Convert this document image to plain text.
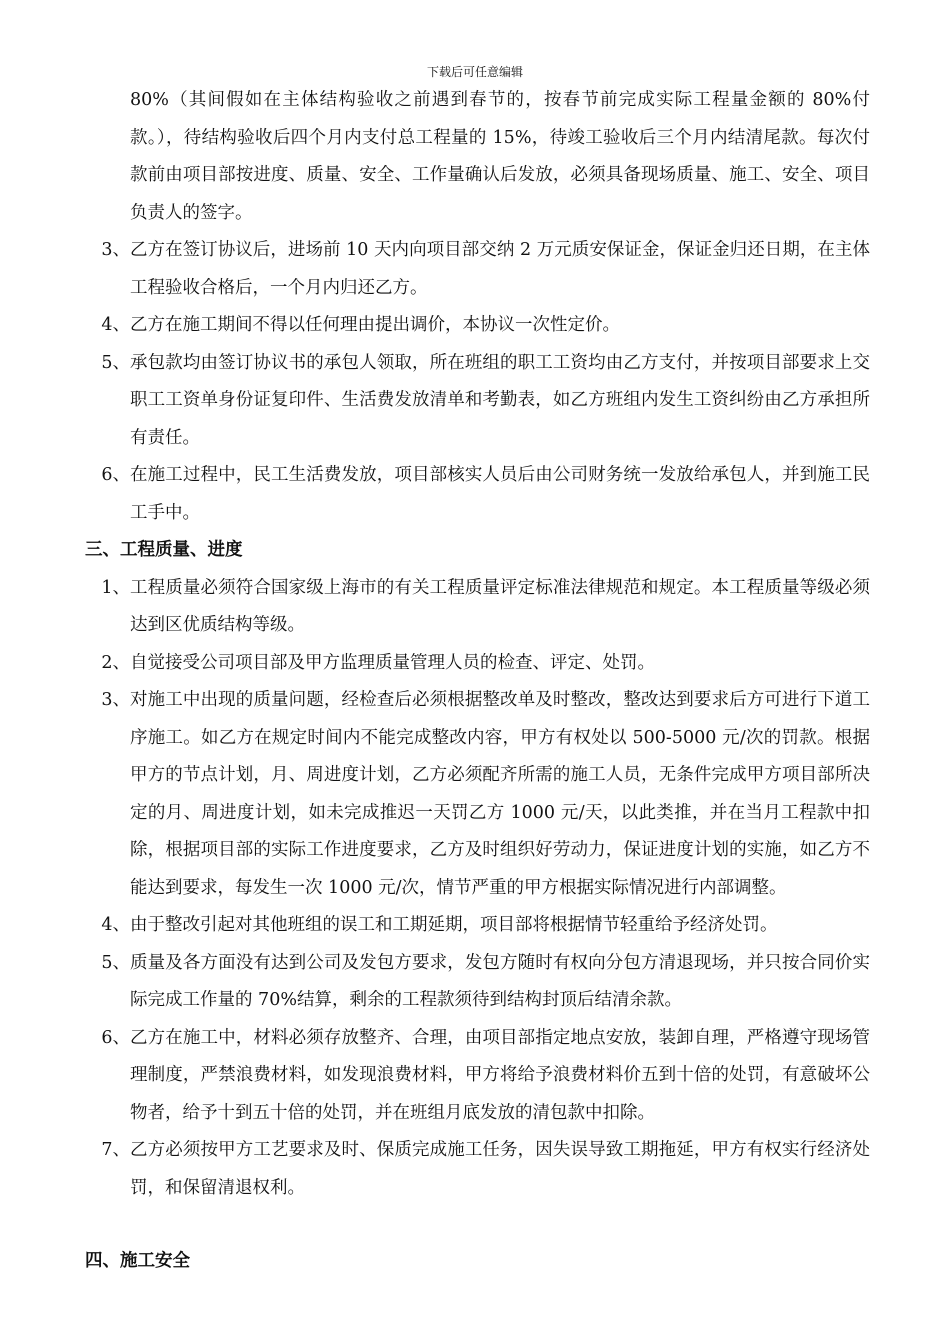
下载后可任意编辑

80%（其间假如在主体结构验收之前遇到春节的，按春节前完成实际工程量金额的 80%付款。），待结构验收后四个月内支付总工程量的 15%，待竣工验收后三个月内结清尾款。每次付款前由项目部按进度、质量、安全、工作量确认后发放，必须具备现场质量、施工、安全、项目负责人的签字。

3、 乙方在签订协议后，进场前 10 天内向项目部交纳 2 万元质安保证金，保证金归还日期，在主体工程验收合格后，一个月内归还乙方。
4、 乙方在施工期间不得以任何理由提出调价，本协议一次性定价。
5、 承包款均由签订协议书的承包人领取，所在班组的职工工资均由乙方支付，并按项目部要求上交职工工资单身份证复印件、生活费发放清单和考勤表，如乙方班组内发生工资纠纷由乙方承担所有责任。
6、 在施工过程中，民工生活费发放，项目部核实人员后由公司财务统一发放给承包人，并到施工民工手中。

三、工程质量、进度

1、 工程质量必须符合国家级上海市的有关工程质量评定标准法律规范和规定。本工程质量等级必须达到区优质结构等级。
2、 自觉接受公司项目部及甲方监理质量管理人员的检查、评定、处罚。
3、 对施工中出现的质量问题，经检查后必须根据整改单及时整改，整改达到要求后方可进行下道工序施工。如乙方在规定时间内不能完成整改内容，甲方有权处以 500-5000 元/次的罚款。根据甲方的节点计划，月、周进度计划，乙方必须配齐所需的施工人员，无条件完成甲方项目部所决定的月、周进度计划，如未完成推迟一天罚乙方 1000 元/天，以此类推，并在当月工程款中扣除，根据项目部的实际工作进度要求，乙方及时组织好劳动力，保证进度计划的实施，如乙方不能达到要求，每发生一次 1000 元/次，情节严重的甲方根据实际情况进行内部调整。
4、 由于整改引起对其他班组的误工和工期延期，项目部将根据情节轻重给予经济处罚。
5、 质量及各方面没有达到公司及发包方要求，发包方随时有权向分包方清退现场，并只按合同价实际完成工作量的 70%结算，剩余的工程款须待到结构封顶后结清余款。
6、 乙方在施工中，材料必须存放整齐、合理，由项目部指定地点安放，装卸自理，严格遵守现场管理制度，严禁浪费材料，如发现浪费材料，甲方将给予浪费材料价五到十倍的处罚，有意破坏公物者，给予十到五十倍的处罚，并在班组月底发放的清包款中扣除。
7、 乙方必须按甲方工艺要求及时、保质完成施工任务，因失误导致工期拖延，甲方有权实行经济处罚，和保留清退权利。

四、施工安全
